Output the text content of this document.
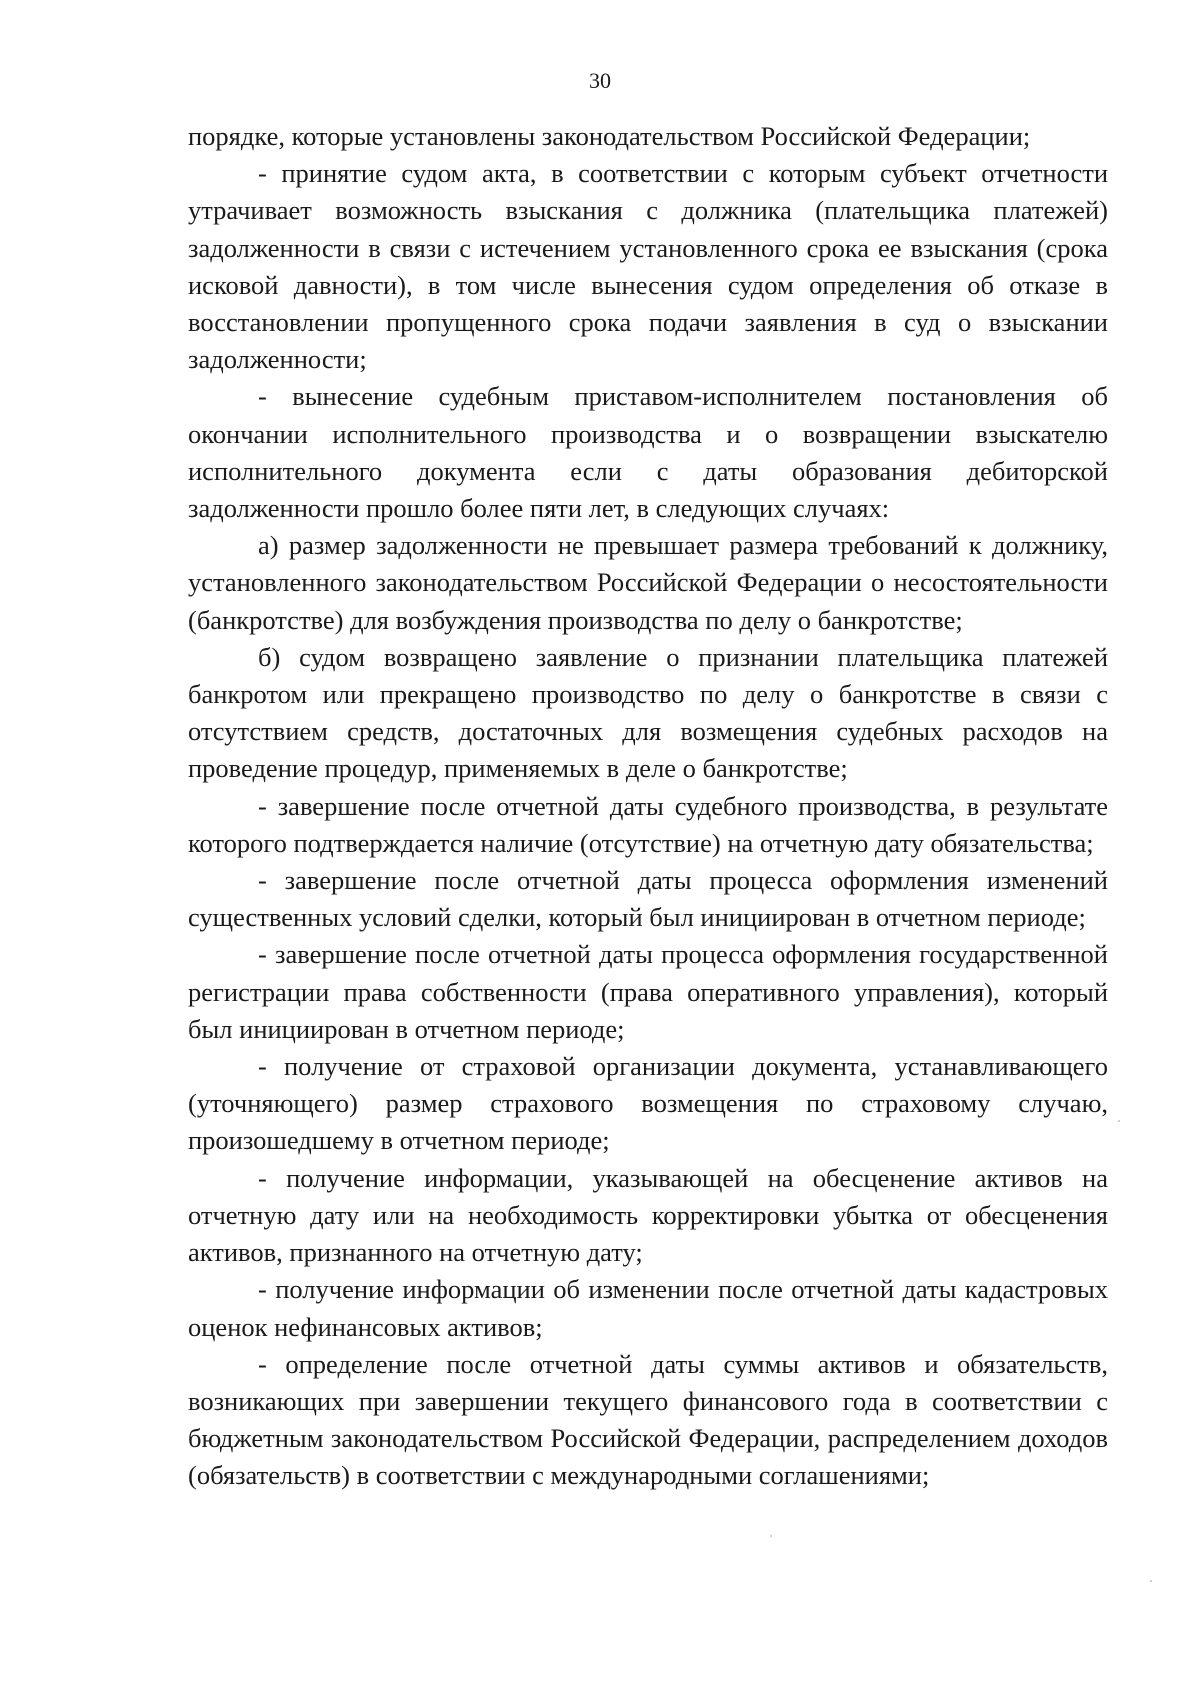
30

порядке, которые установлены законодательством Российской Федерации;

- принятие судом акта, в соответствии с которым субъект отчетности утрачивает возможность взыскания с должника (плательщика платежей) задолженности в связи с истечением установленного срока ее взыскания (срока исковой давности), в том числе вынесения судом определения об отказе в восстановлении пропущенного срока подачи заявления в суд о взыскании задолженности;

- вынесение судебным приставом-исполнителем постановления об окончании исполнительного производства и о возвращении взыскателю исполнительного документа если с даты образования дебиторской задолженности прошло более пяти лет, в следующих случаях:

а) размер задолженности не превышает размера требований к должнику, установленного законодательством Российской Федерации о несостоятельности (банкротстве) для возбуждения производства по делу о банкротстве;

б) судом возвращено заявление о признании плательщика платежей банкротом или прекращено производство по делу о банкротстве в связи с отсутствием средств, достаточных для возмещения судебных расходов на проведение процедур, применяемых в деле о банкротстве;

- завершение после отчетной даты судебного производства, в результате которого подтверждается наличие (отсутствие) на отчетную дату обязательства;

- завершение после отчетной даты процесса оформления изменений существенных условий сделки, который был инициирован в отчетном периоде;

- завершение после отчетной даты процесса оформления государственной регистрации права собственности (права оперативного управления), который был инициирован в отчетном периоде;

- получение от страховой организации документа, устанавливающего (уточняющего) размер страхового возмещения по страховому случаю, произошедшему в отчетном периоде;

- получение информации, указывающей на обесценение активов на отчетную дату или на необходимость корректировки убытка от обесценения активов, признанного на отчетную дату;

- получение информации об изменении после отчетной даты кадастровых оценок нефинансовых активов;

- определение после отчетной даты суммы активов и обязательств, возникающих при завершении текущего финансового года в соответствии с бюджетным законодательством Российской Федерации, распределением доходов (обязательств) в соответствии с международными соглашениями;
